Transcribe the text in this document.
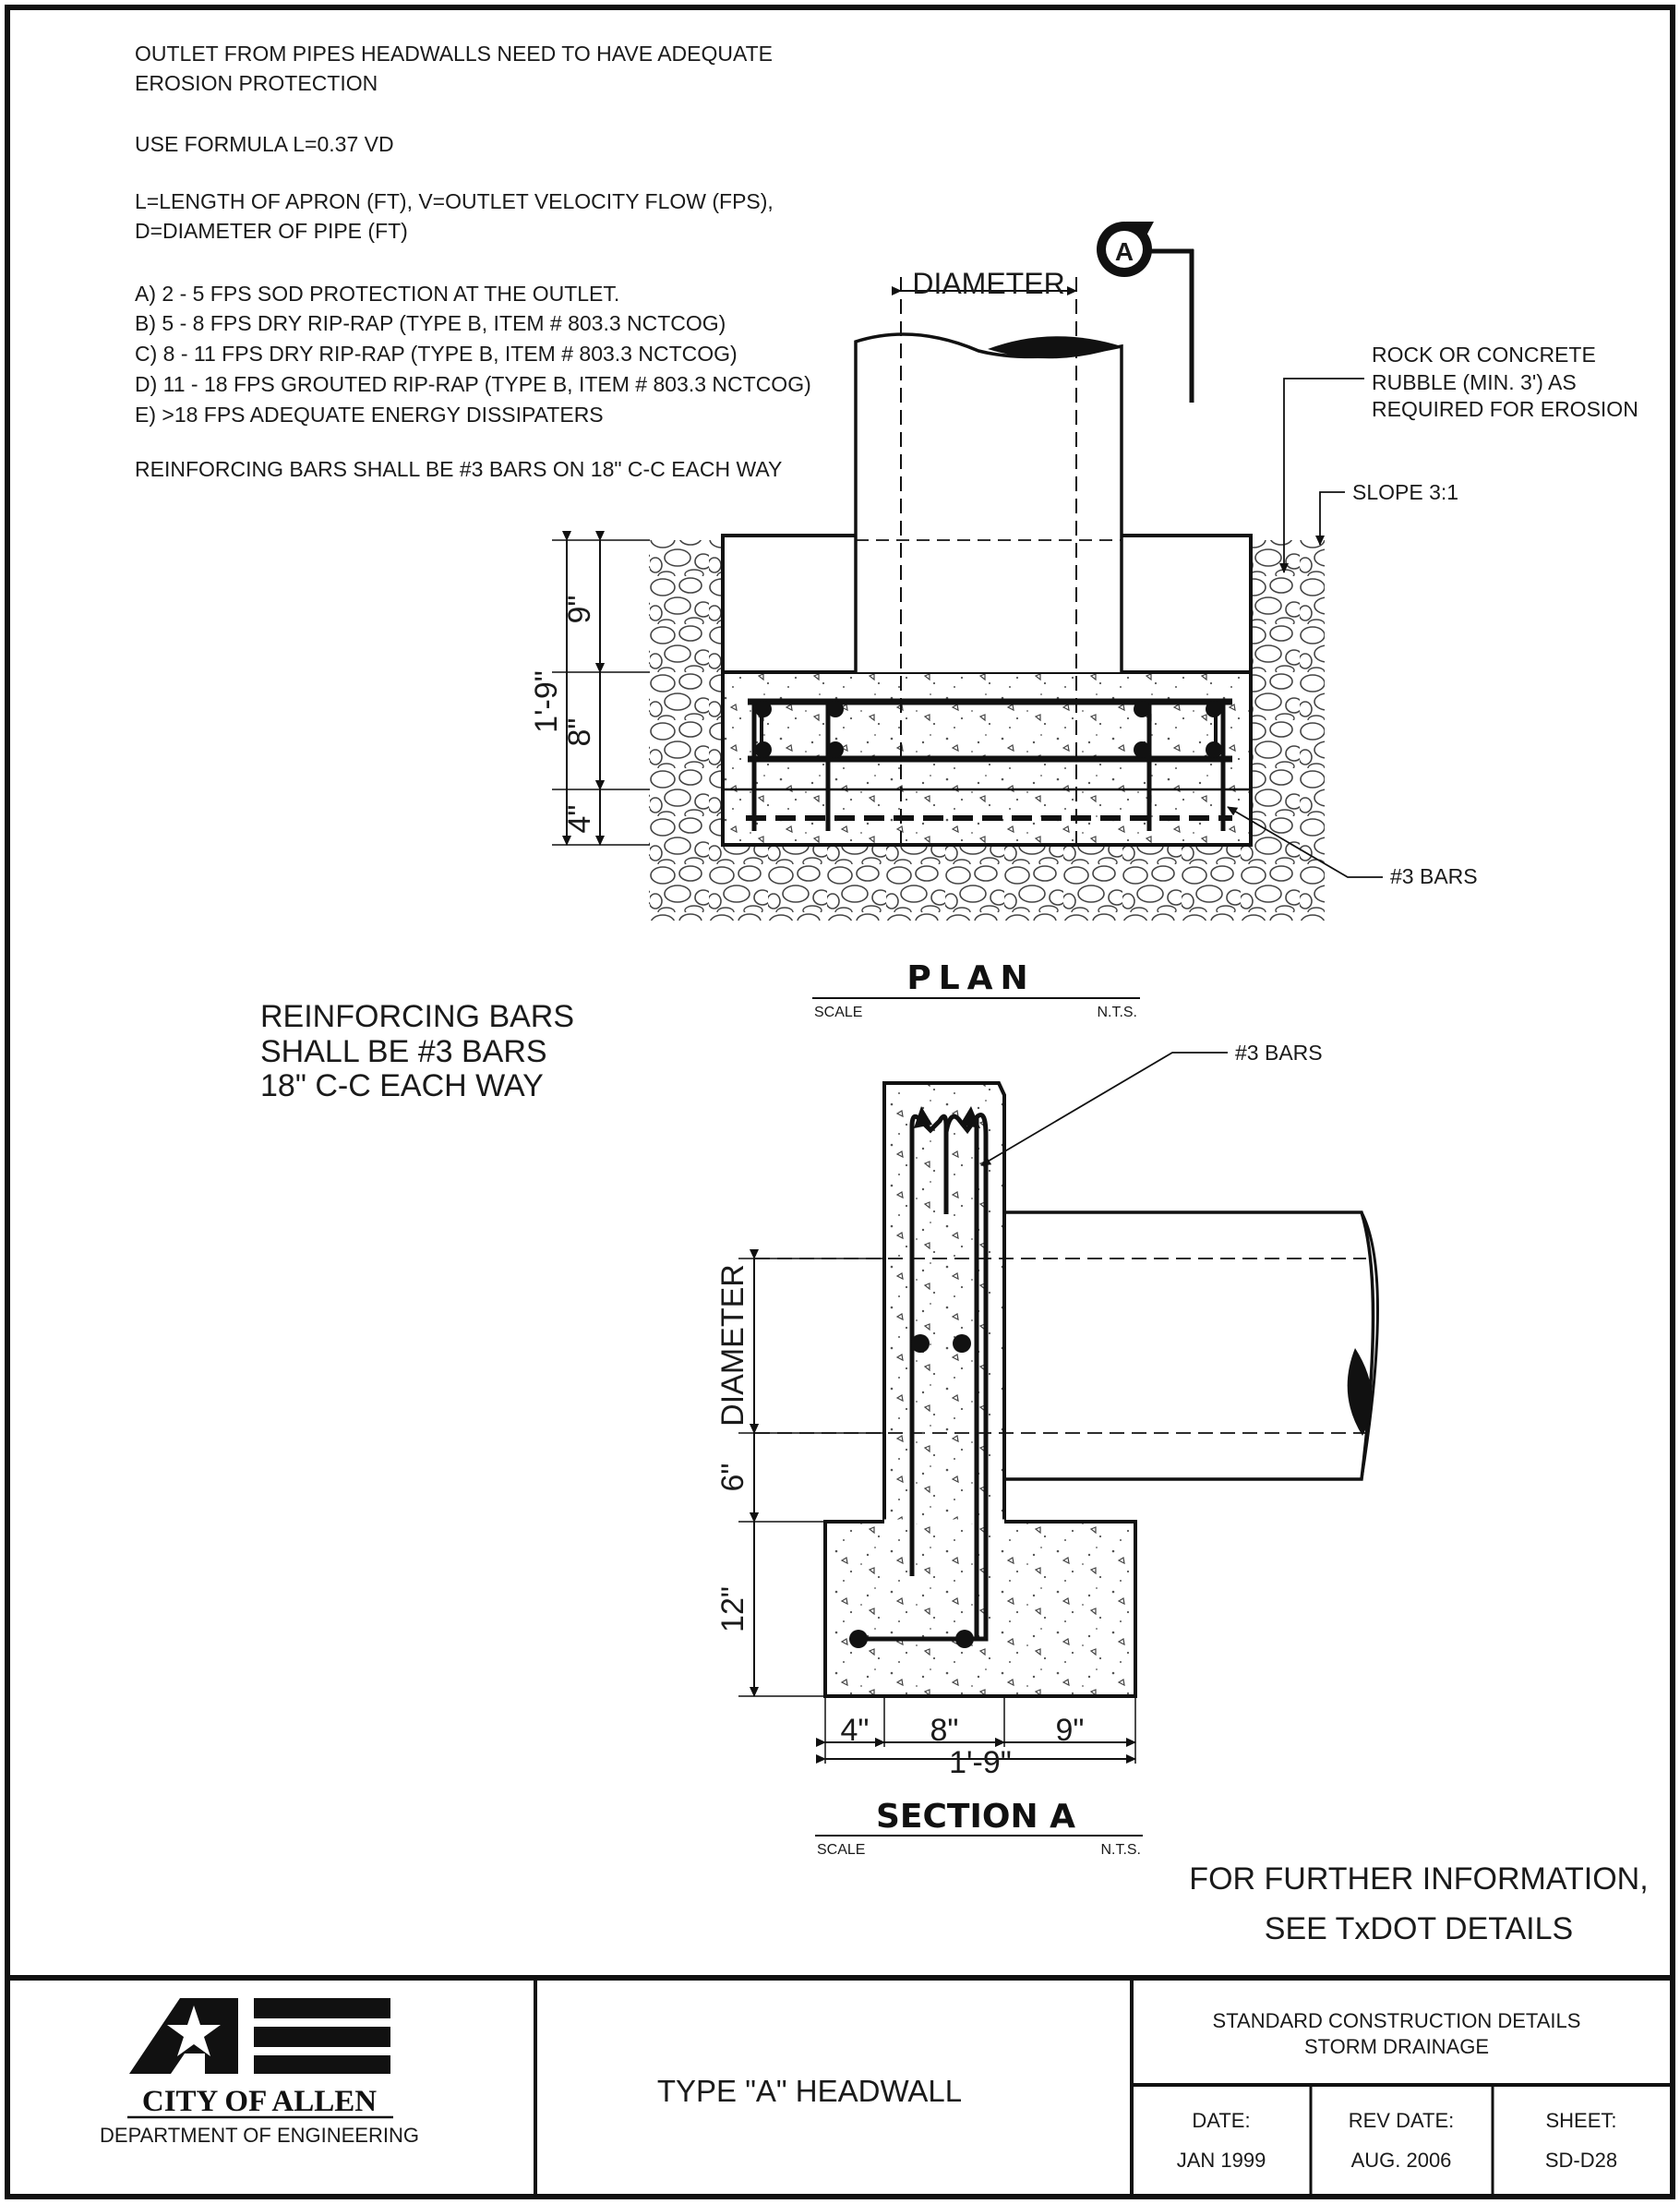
OUTLET FROM PIPES HEADWALLS NEED TO HAVE ADEQUATE
EROSION PROTECTION
USE FORMULA L=0.37 VD
L=LENGTH OF APRON (FT), V=OUTLET VELOCITY FLOW (FPS),
D=DIAMETER OF PIPE (FT)
A) 2 - 5 FPS SOD PROTECTION AT THE OUTLET.
B) 5 - 8 FPS DRY RIP-RAP (TYPE B, ITEM # 803.3 NCTCOG)
C) 8 - 11 FPS DRY RIP-RAP (TYPE B, ITEM # 803.3 NCTCOG)
D) 11 - 18 FPS GROUTED RIP-RAP (TYPE B, ITEM # 803.3 NCTCOG)
E) >18 FPS ADEQUATE ENERGY DISSIPATERS
REINFORCING BARS SHALL BE #3 BARS ON 18" C-C EACH WAY
DIAMETER
A
ROCK OR CONCRETE
RUBBLE (MIN. 3') AS
REQUIRED FOR EROSION
SLOPE 3:1
#3 BARS
1'-9"
9"
8"
4"
PLAN
SCALE	N.T.S.
REINFORCING BARS
SHALL BE #3 BARS
18" C-C EACH WAY
#3 BARS
DIAMETER
6"
12"
4" 8"	9"
1'-9"
SECTION A
SCALE	N.T.S.
FOR FURTHER INFORMATION,
SEE TxDOT DETAILS
CITY OF ALLEN
DEPARTMENT OF ENGINEERING
TYPE "A" HEADWALL
STANDARD CONSTRUCTION DETAILS
STORM DRAINAGE
DATE:
JAN 1999
REV DATE:
AUG. 2006
SHEET:
SD-D28
